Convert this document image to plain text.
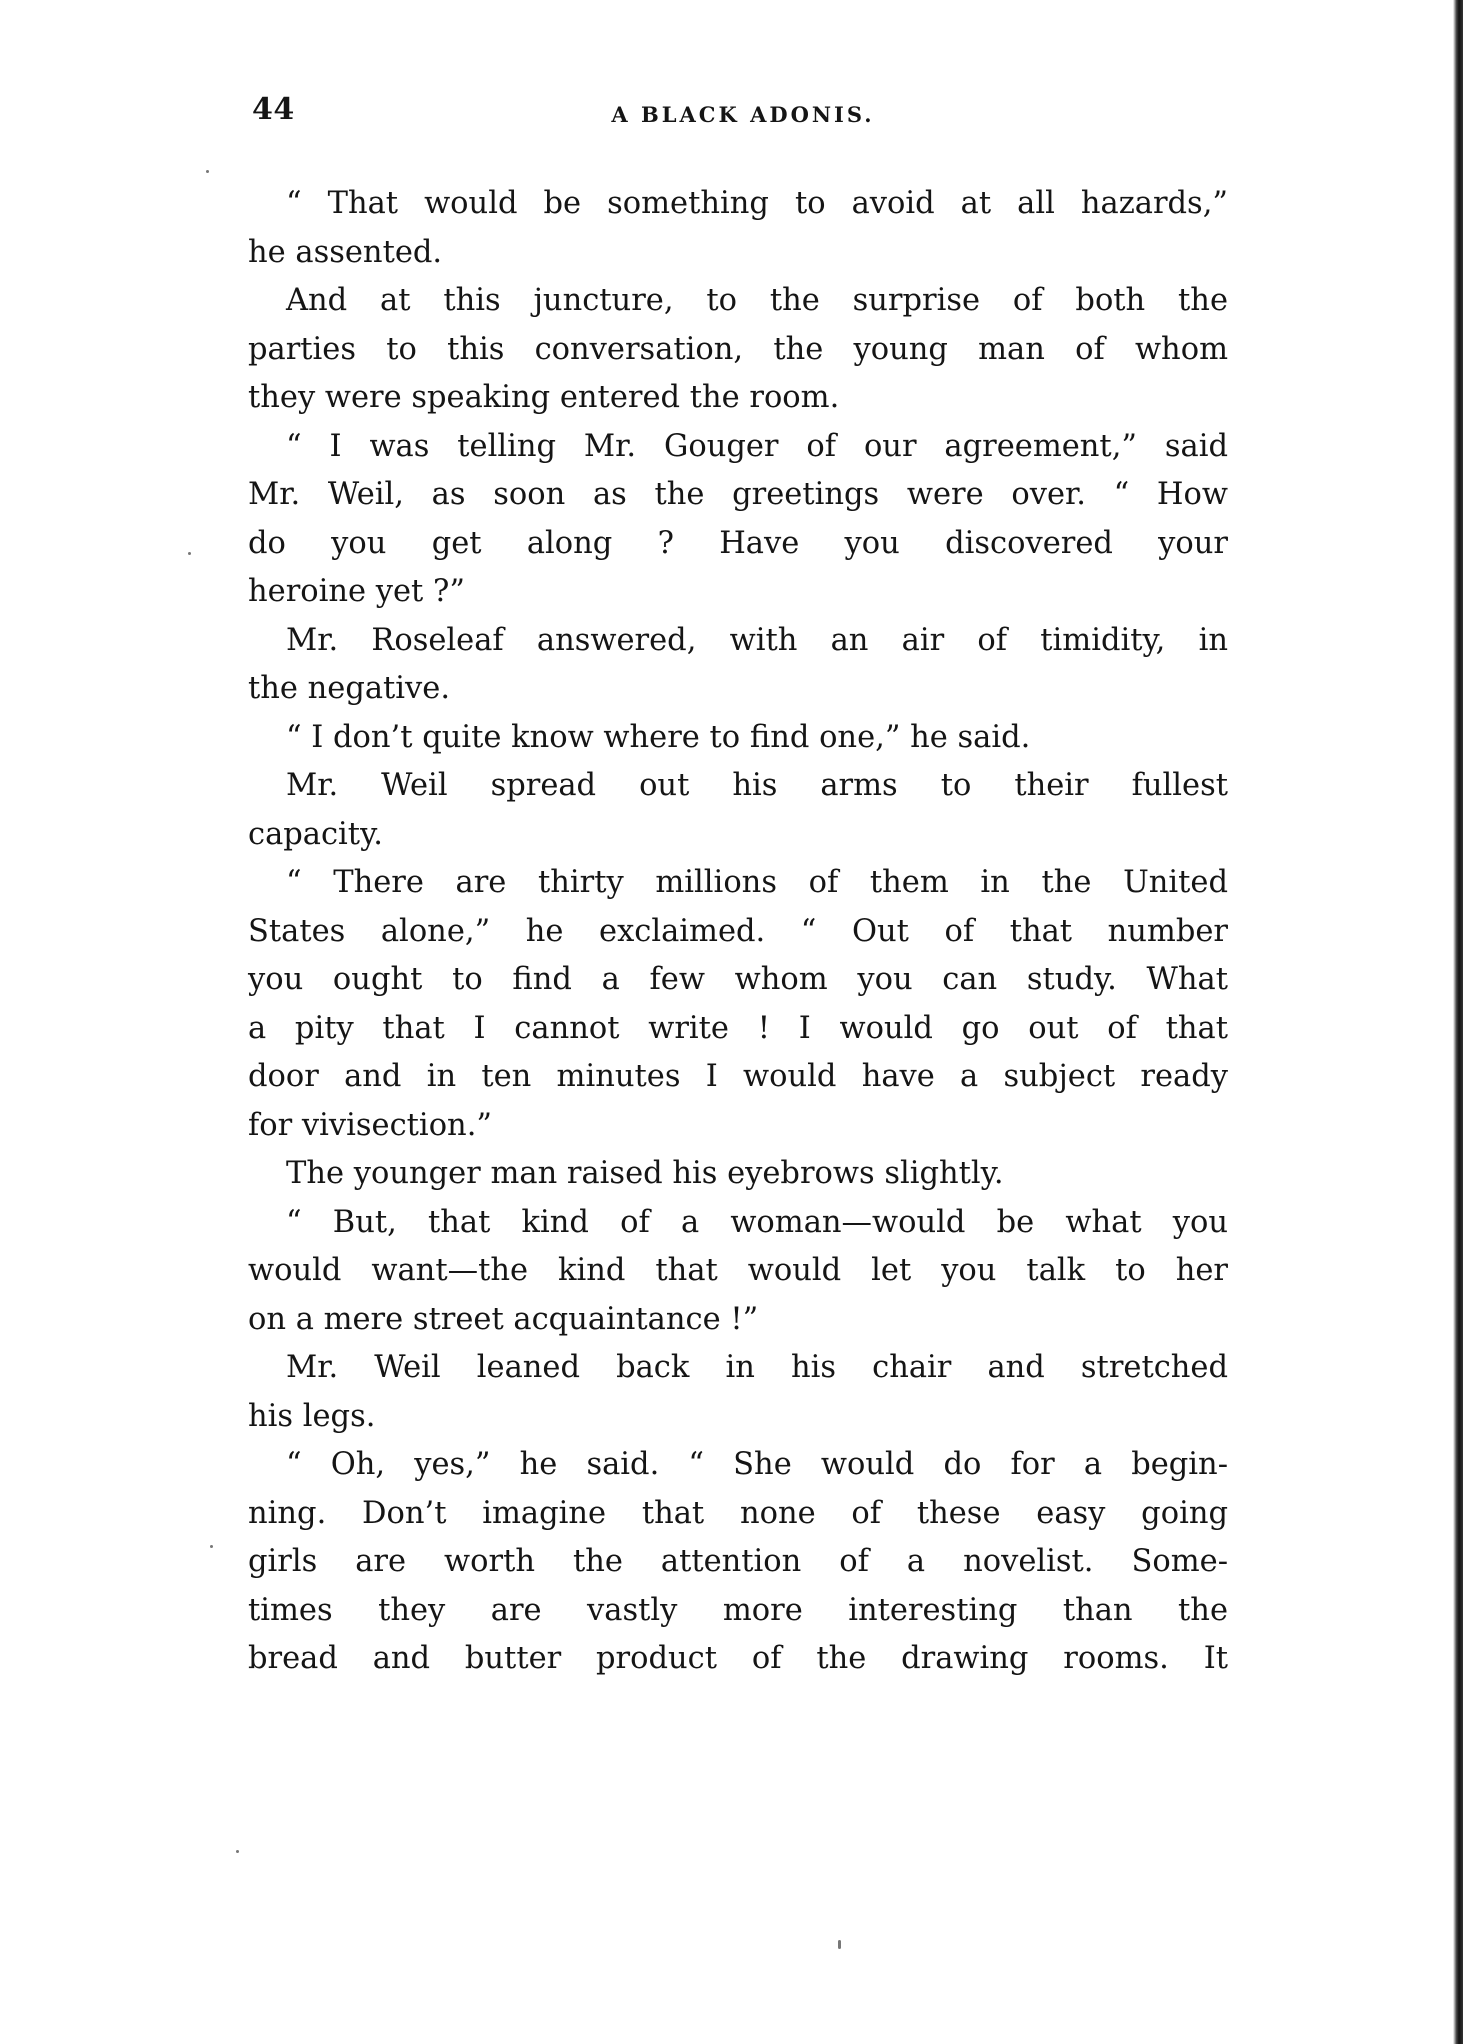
44	A BLACK ADONIS.

“ That would be something to avoid at all hazards,”
he assented.

And at this juncture, to the surprise of both the
parties to this conversation, the young man of whom
they were speaking entered the room.

“ I was telling Mr. Gouger of our agreement,” said
Mr. Weil, as soon as the greetings were over. “ How
do you get along ? Have you discovered your
heroine yet ?”

Mr. Roseleaf answered, with an air of timidity, in
the negative.

“ I don’t quite know where to find one,” he said.

Mr. Weil spread out his arms to their fullest
capacity.

“ There are thirty millions of them in the United
States alone,” he exclaimed. “ Out of that number
you ought to find a few whom you can study. What
a pity that I cannot write ! I would go out of that
door and in ten minutes I would have a subject ready
for vivisection.”

The younger man raised his eyebrows slightly.

“ But, that kind of a woman—would be what you
would want—the kind that would let you talk to her
on a mere street acquaintance !”

Mr. Weil leaned back in his chair and stretched
his legs.

“ Oh, yes,” he said. “ She would do for a begin-
ning. Don’t imagine that none of these easy going
girls are worth the attention of a novelist. Some-
times they are vastly more interesting than the
bread and butter product of the drawing rooms. It
